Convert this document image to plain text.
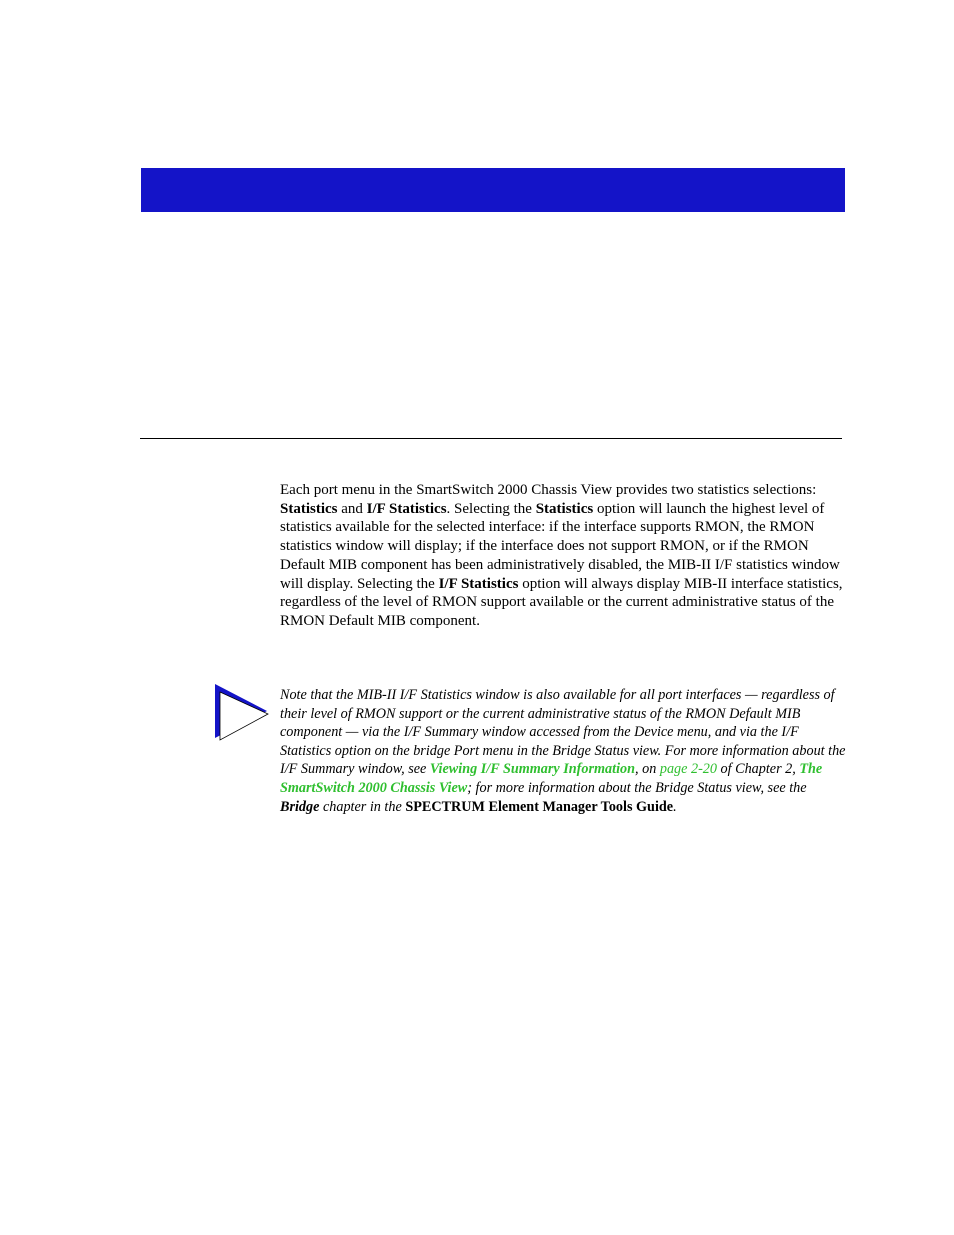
Each port menu in the SmartSwitch 2000 Chassis View provides two statistics selections: Statistics and I/F Statistics. Selecting the Statistics option will launch the highest level of statistics available for the selected interface: if the interface supports RMON, the RMON statistics window will display; if the interface does not support RMON, or if the RMON Default MIB component has been administratively disabled, the MIB-II I/F statistics window will display. Selecting the I/F Statistics option will always display MIB-II interface statistics, regardless of the level of RMON support available or the current administrative status of the RMON Default MIB component.

Note that the MIB-II I/F Statistics window is also available for all port interfaces — regardless of their level of RMON support or the current administrative status of the RMON Default MIB component — via the I/F Summary window accessed from the Device menu, and via the I/F Statistics option on the bridge Port menu in the Bridge Status view. For more information about the I/F Summary window, see Viewing I/F Summary Information, on page 2-20 of Chapter 2, The SmartSwitch 2000 Chassis View; for more information about the Bridge Status view, see the Bridge chapter in the SPECTRUM Element Manager Tools Guide.
